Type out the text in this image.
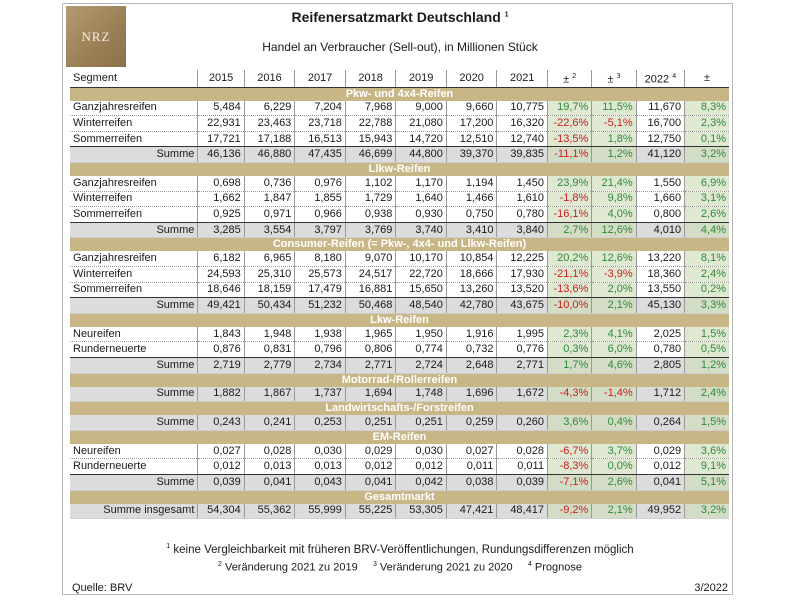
NRZ
Reifenersatzmarkt Deutschland $^1$
Handel an Verbraucher (Sell-out), in Millionen Stück
Segment	2015	2016	2017	2018	2019	2020	2021	± $^2$	± $^3$	2022 $^4$	±
Pkw- und 4x4-Reifen											
Ganzjahresreifen	5,484	6,229	7,204	7,968	9,000	9,660	10,775	19,7%	11,5%	11,670	8,3%
Winterreifen	22,931	23,463	23,718	22,788	21,080	17,200	16,320	-22,6%	-5,1%	16,700	2,3%
Sommerreifen	17,721	17,188	16,513	15,943	14,720	12,510	12,740	-13,5%	1,8%	12,750	0,1%
Summe	46,136	46,880	47,435	46,699	44,800	39,370	39,835	-11,1%	1,2%	41,120	3,2%
Llkw-Reifen											
Ganzjahresreifen	0,698	0,736	0,976	1,102	1,170	1,194	1,450	23,9%	21,4%	1,550	6,9%
Winterreifen	1,662	1,847	1,855	1,729	1,640	1,466	1,610	-1,8%	9,8%	1,660	3,1%
Sommerreifen	0,925	0,971	0,966	0,938	0,930	0,750	0,780	-16,1%	4,0%	0,800	2,6%
Summe	3,285	3,554	3,797	3,769	3,740	3,410	3,840	2,7%	12,6%	4,010	4,4%
Consumer-Reifen (= Pkw-, 4x4- und Llkw-Reifen)											
Ganzjahresreifen	6,182	6,965	8,180	9,070	10,170	10,854	12,225	20,2%	12,6%	13,220	8,1%
Winterreifen	24,593	25,310	25,573	24,517	22,720	18,666	17,930	-21,1%	-3,9%	18,360	2,4%
Sommerreifen	18,646	18,159	17,479	16,881	15,650	13,260	13,520	-13,6%	2,0%	13,550	0,2%
Summe	49,421	50,434	51,232	50,468	48,540	42,780	43,675	-10,0%	2,1%	45,130	3,3%
Lkw-Reifen											
Neureifen	1,843	1,948	1,938	1,965	1,950	1,916	1,995	2,3%	4,1%	2,025	1,5%
Runderneuerte	0,876	0,831	0,796	0,806	0,774	0,732	0,776	0,3%	6,0%	0,780	0,5%
Summe	2,719	2,779	2,734	2,771	2,724	2,648	2,771	1,7%	4,6%	2,805	1,2%
Motorrad-/Rollerreifen											
Summe	1,882	1,867	1,737	1,694	1,748	1,696	1,672	-4,3%	-1,4%	1,712	2,4%
Landwirtschafts-/Forstreifen											
Summe	0,243	0,241	0,253	0,251	0,251	0,259	0,260	3,6%	0,4%	0,264	1,5%
EM-Reifen											
Neureifen	0,027	0,028	0,030	0,029	0,030	0,027	0,028	-6,7%	3,7%	0,029	3,6%
Runderneuerte	0,012	0,013	0,013	0,012	0,012	0,011	0,011	-8,3%	0,0%	0,012	9,1%
Summe	0,039	0,041	0,043	0,041	0,042	0,038	0,039	-7,1%	2,6%	0,041	5,1%
Gesamtmarkt											
Summe insgesamt	54,304	55,362	55,999	55,225	53,305	47,421	48,417	-9,2%	2,1%	49,952	3,2%
$^1$ keine Vergleichbarkeit mit früheren BRV-Veröffentlichungen, Rundungsdifferenzen möglich
$^2$ Veränderung 2021 zu 2019 $^3$ Veränderung 2021 zu 2020 $^4$ Prognose
Quelle: BRV	3/2022
